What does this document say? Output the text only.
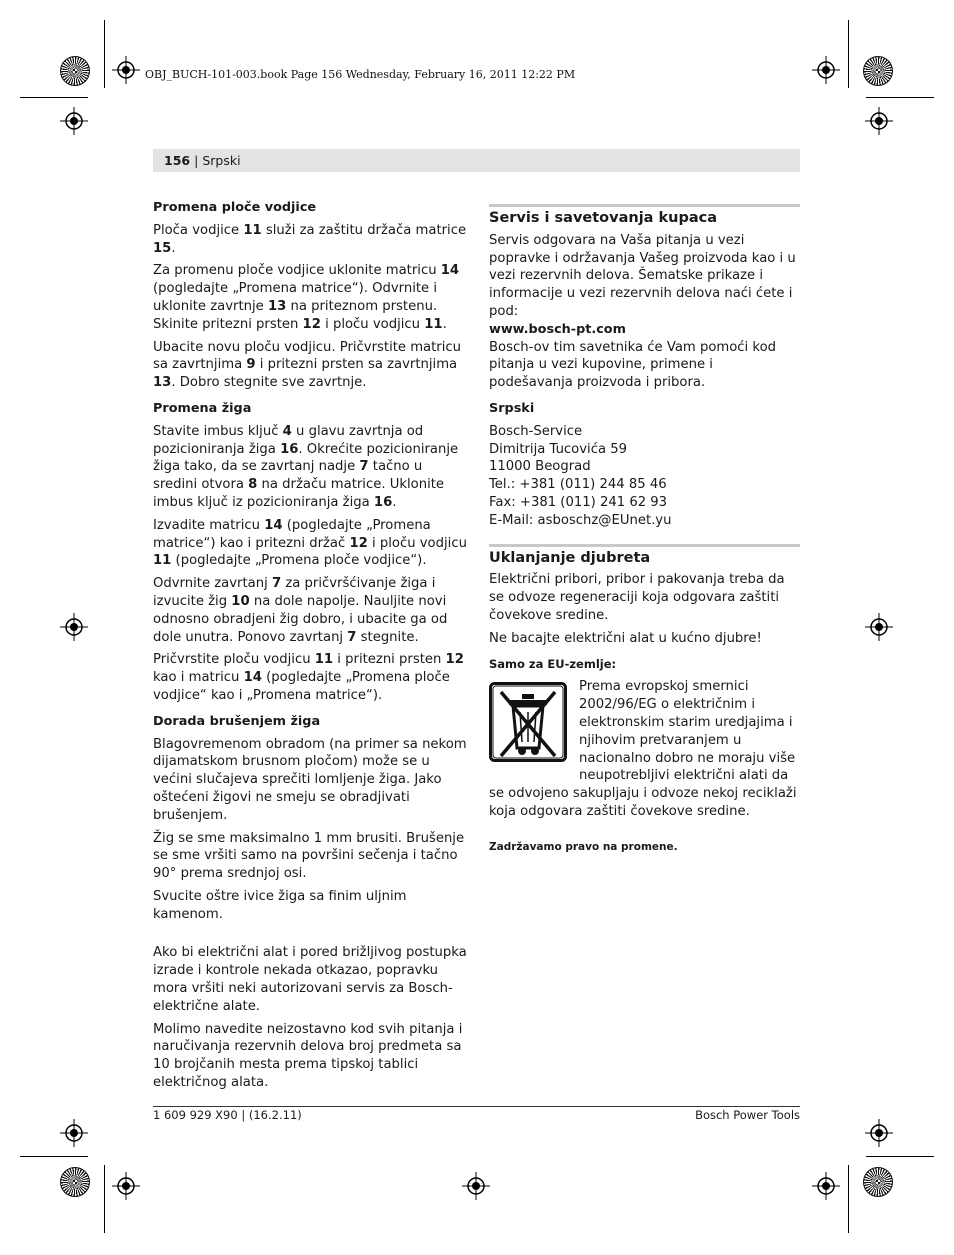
OBJ_BUCH-101-003.book Page 156 Wednesday, February 16, 2011 12:22 PM
156 | Srpski

Promena ploče vodjice

Ploča vodjice 11 služi za zaštitu držača matrice 15.

Za promenu ploče vodjice uklonite matricu 14 (pogledajte „Promena matrice“). Odvrnite i uklonite zavrtnje 13 na priteznom prstenu. Skinite pritezni prsten 12 i ploču vodjicu 11.

Ubacite novu ploču vodjicu. Pričvrstite matricu sa zavrtnjima 9 i pritezni prsten sa zavrtnjima 13. Dobro stegnite sve zavrtnje.

Promena žiga

Stavite imbus ključ 4 u glavu zavrtnja od pozicioniranja žiga 16. Okrećite pozicioniranje žiga tako, da se zavrtanj nadje 7 tačno u sredini otvora 8 na držaču matrice. Uklonite imbus ključ iz pozicioniranja žiga 16.

Izvadite matricu 14 (pogledajte „Promena matrice“) kao i pritezni držač 12 i ploču vodjicu 11 (pogledajte „Promena ploče vodjice“).

Odvrnite zavrtanj 7 za pričvršćivanje žiga i izvucite žig 10 na dole napolje. Nauljite novi odnosno obradjeni žig dobro, i ubacite ga od dole unutra. Ponovo zavrtanj 7 stegnite.

Pričvrstite ploču vodjicu 11 i pritezni prsten 12 kao i matricu 14 (pogledajte „Promena ploče vodjice“ kao i „Promena matrice“).

Dorada brušenjem žiga

Blagovremenom obradom (na primer sa nekom dijamatskom brusnom pločom) može se u većini slučajeva sprečiti lomljenje žiga. Jako oštećeni žigovi ne smeju se obradjivati brušenjem.

Žig se sme maksimalno 1 mm brusiti. Brušenje se sme vršiti samo na površini sečenja i tačno 90° prema srednjoj osi.

Svucite oštre ivice žiga sa finim uljnim kamenom.

Ako bi električni alat i pored brižljivog postupka izrade i kontrole nekada otkazao, popravku mora vršiti neki autorizovani servis za Bosch-električne alate.

Molimo navedite neizostavno kod svih pitanja i naručivanja rezervnih delova broj predmeta sa 10 brojčanih mesta prema tipskoj tablici električnog alata.

Servis i savetovanja kupaca

Servis odgovara na Vaša pitanja u vezi popravke i održavanja Vašeg proizvoda kao i u vezi rezervnih delova. Šematske prikaze i informacije u vezi rezervnih delova naći ćete i pod:

www.bosch-pt.com

Bosch-ov tim savetnika će Vam pomoći kod pitanja u vezi kupovine, primene i podešavanja proizvoda i pribora.

Srpski

Bosch-Service
Dimitrija Tucovića 59
11000 Beograd
Tel.: +381 (011) 244 85 46
Fax: +381 (011) 241 62 93
E-Mail: asboschz@EUnet.yu

Uklanjanje djubreta

Električni pribori, pribor i pakovanja treba da se odvoze regeneraciji koja odgovara zaštiti čovekove sredine.

Ne bacajte električni alat u kućno djubre!

Samo za EU-zemlje:

Prema evropskoj smernici
2002/96/EG o električnim i
elektronskim starim uredjajima i
njihovim pretvaranjem u
nacionalno dobro ne moraju više
neupotrebljivi električni alati da

se odvojeno sakupljaju i odvoze nekoj reciklaži koja odgovara zaštiti čovekove sredine.

Zadržavamo pravo na promene.

1 609 929 X90 | (16.2.11)	Bosch Power Tools
